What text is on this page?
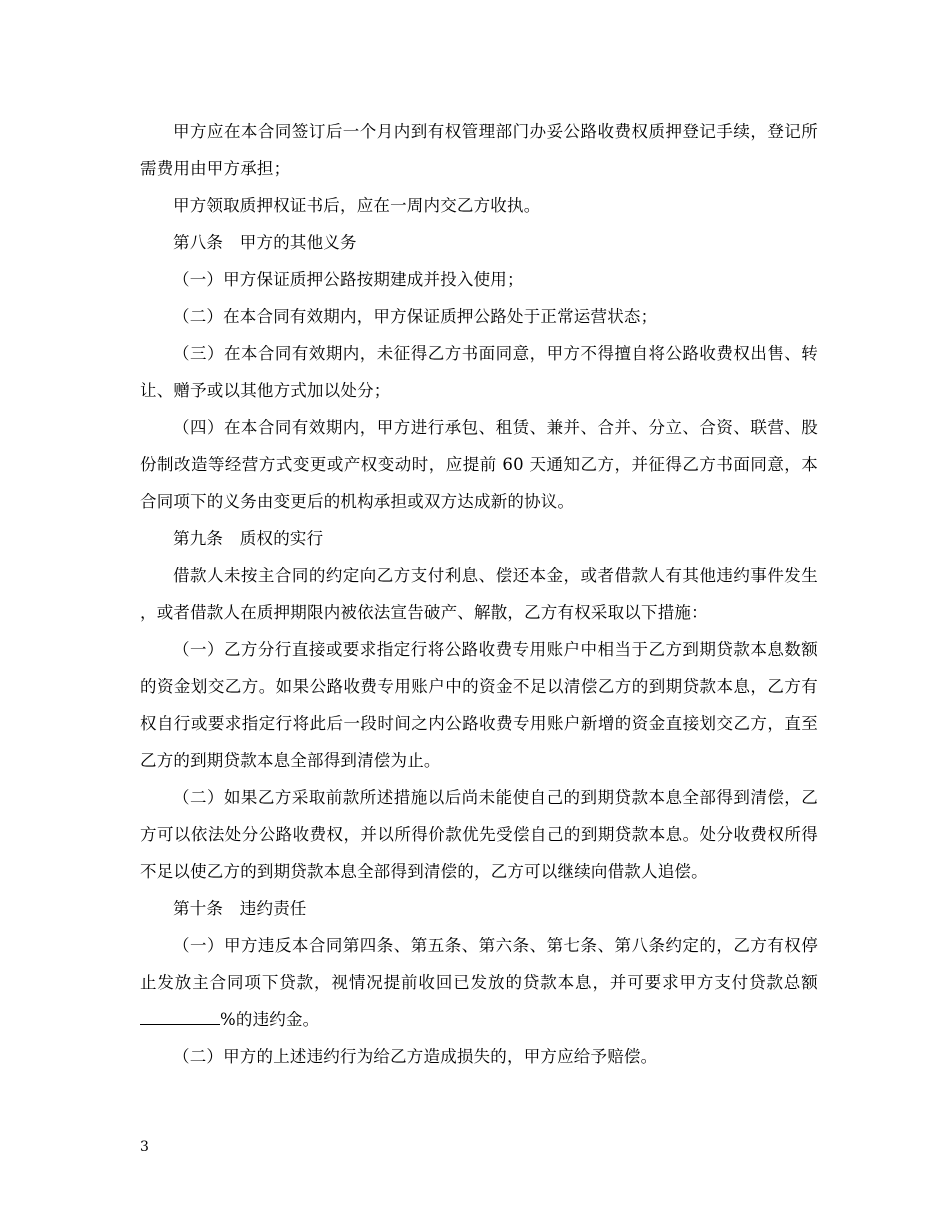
甲方应在本合同签订后一个月内到有权管理部门办妥公路收费权质押登记手续，登记所需费用由甲方承担；

甲方领取质押权证书后，应在一周内交乙方收执。

第八条　甲方的其他义务

（一）甲方保证质押公路按期建成并投入使用；

（二）在本合同有效期内，甲方保证质押公路处于正常运营状态；

（三）在本合同有效期内，未征得乙方书面同意，甲方不得擅自将公路收费权出售、转让、赠予或以其他方式加以处分；

（四）在本合同有效期内，甲方进行承包、租赁、兼并、合并、分立、合资、联营、股份制改造等经营方式变更或产权变动时，应提前 60 天通知乙方，并征得乙方书面同意，本合同项下的义务由变更后的机构承担或双方达成新的协议。

第九条　质权的实行

借款人未按主合同的约定向乙方支付利息、偿还本金，或者借款人有其他违约事件发生，或者借款人在质押期限内被依法宣告破产、解散，乙方有权采取以下措施：

（一）乙方分行直接或要求指定行将公路收费专用账户中相当于乙方到期贷款本息数额的资金划交乙方。如果公路收费专用账户中的资金不足以清偿乙方的到期贷款本息，乙方有权自行或要求指定行将此后一段时间之内公路收费专用账户新增的资金直接划交乙方，直至乙方的到期贷款本息全部得到清偿为止。

（二）如果乙方采取前款所述措施以后尚未能使自己的到期贷款本息全部得到清偿，乙方可以依法处分公路收费权，并以所得价款优先受偿自己的到期贷款本息。处分收费权所得不足以使乙方的到期贷款本息全部得到清偿的，乙方可以继续向借款人追偿。

第十条　违约责任

（一）甲方违反本合同第四条、第五条、第六条、第七条、第八条约定的，乙方有权停止发放主合同项下贷款，视情况提前收回已发放的贷款本息，并可要求甲方支付贷款总额%的违约金。

（二）甲方的上述违约行为给乙方造成损失的，甲方应给予赔偿。

3
